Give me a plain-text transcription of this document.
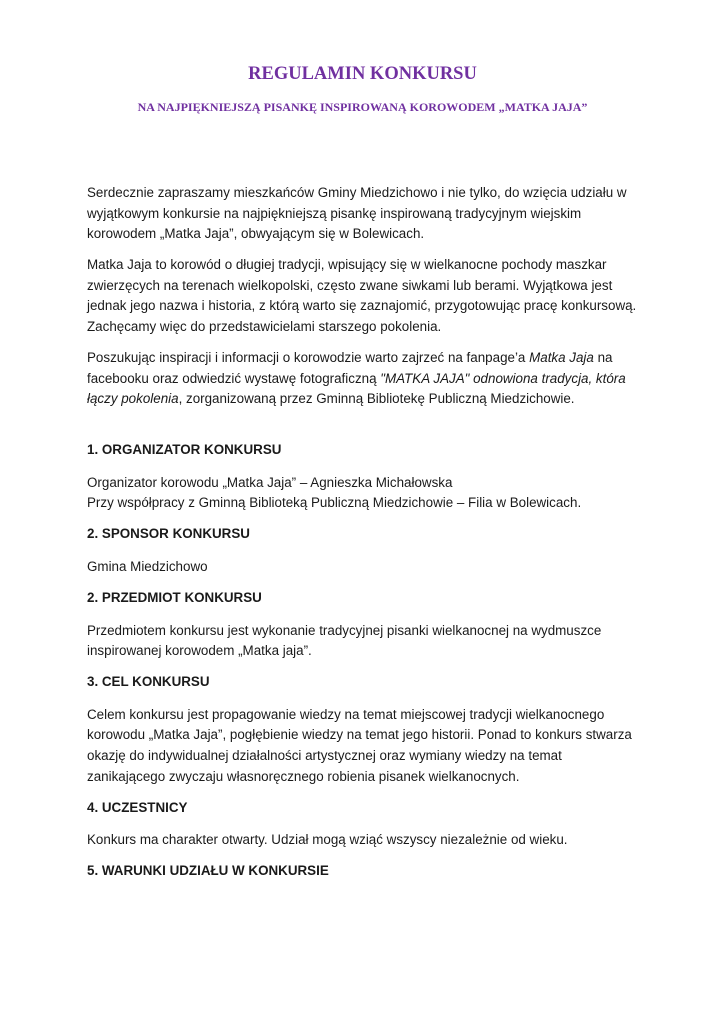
REGULAMIN KONKURSU
NA NAJPIĘKNIEJSZĄ PISANKĘ INSPIROWANĄ KOROWODEM „MATKA JAJA”

Serdecznie zapraszamy mieszkańców Gminy Miedzichowo i nie tylko, do wzięcia udziału w
wyjątkowym konkursie na najpiękniejszą pisankę inspirowaną tradycyjnym wiejskim
korowodem „Matka Jaja”, obwyającym się w Bolewicach.

Matka Jaja to korowód o długiej tradycji, wpisujący się w wielkanocne pochody maszkar
zwierzęcych na terenach wielkopolski, często zwane siwkami lub berami. Wyjątkowa jest
jednak jego nazwa i historia, z którą warto się zaznajomić, przygotowując pracę konkursową.
Zachęcamy więc do przedstawicielami starszego pokolenia.

Poszukując inspiracji i informacji o korowodzie warto zajrzeć na fanpage’a Matka Jaja na
facebooku oraz odwiedzić wystawę fotograficzną "MATKA JAJA" odnowiona tradycja, która
łączy pokolenia, zorganizowaną przez Gminną Bibliotekę Publiczną Miedzichowie.

1. ORGANIZATOR KONKURSU

Organizator korowodu „Matka Jaja” – Agnieszka Michałowska
Przy współpracy z Gminną Biblioteką Publiczną Miedzichowie – Filia w Bolewicach.

2. SPONSOR KONKURSU

Gmina Miedzichowo

2. PRZEDMIOT KONKURSU

Przedmiotem konkursu jest wykonanie tradycyjnej pisanki wielkanocnej na wydmuszce
inspirowanej korowodem „Matka jaja”.

3. CEL KONKURSU

Celem konkursu jest propagowanie wiedzy na temat miejscowej tradycji wielkanocnego
korowodu „Matka Jaja”, pogłębienie wiedzy na temat jego historii. Ponad to konkurs stwarza
okazję do indywidualnej działalności artystycznej oraz wymiany wiedzy na temat
zanikającego zwyczaju własnoręcznego robienia pisanek wielkanocnych.

4. UCZESTNICY

Konkurs ma charakter otwarty. Udział mogą wziąć wszyscy niezależnie od wieku.

5. WARUNKI UDZIAŁU W KONKURSIE
